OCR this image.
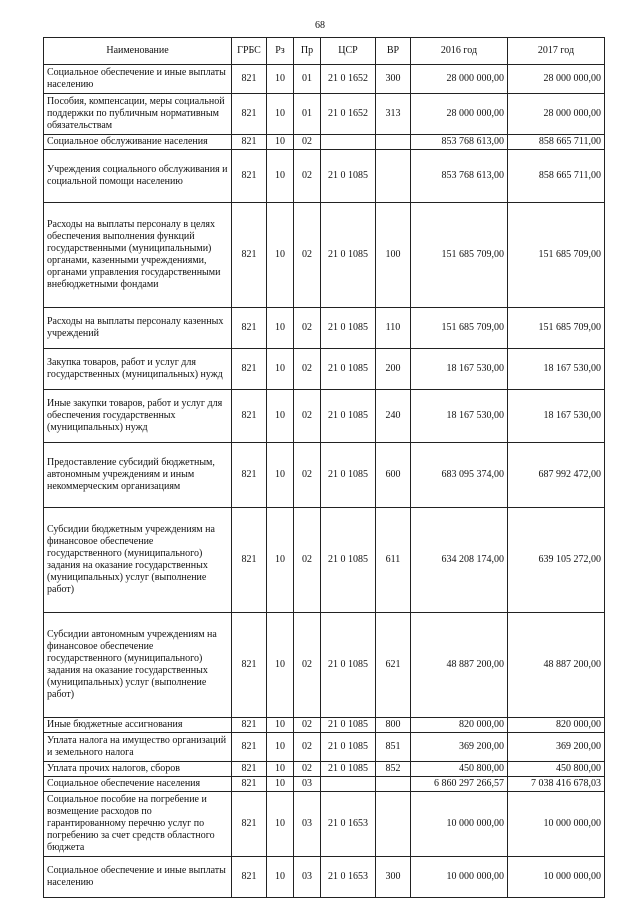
68
Наименование	ГРБС	Рз	Пр	ЦСР	ВР	2016 год	2017 год
Социальное обеспечение и иные выплаты населению	821	10	01	21 0 1652	300	28 000 000,00	28 000 000,00
Пособия, компенсации, меры социальной поддержки по публичным нормативным обязательствам	821	10	01	21 0 1652	313	28 000 000,00	28 000 000,00
Социальное обслуживание населения	821	10	02			853 768 613,00	858 665 711,00
Учреждения социального обслуживания и социальной помощи населению	821	10	02	21 0 1085		853 768 613,00	858 665 711,00
Расходы на выплаты персоналу в целях обеспечения выполнения функций государственными (муниципальными) органами, казенными учреждениями, органами управления государственными внебюджетными фондами	821	10	02	21 0 1085	100	151 685 709,00	151 685 709,00
Расходы на выплаты персоналу казенных учреждений	821	10	02	21 0 1085	110	151 685 709,00	151 685 709,00
Закупка товаров, работ и услуг для государственных (муниципальных) нужд	821	10	02	21 0 1085	200	18 167 530,00	18 167 530,00
Иные закупки товаров, работ и услуг для обеспечения государственных (муниципальных) нужд	821	10	02	21 0 1085	240	18 167 530,00	18 167 530,00
Предоставление субсидий бюджетным, автономным учреждениям и иным некоммерческим организациям	821	10	02	21 0 1085	600	683 095 374,00	687 992 472,00
Субсидии бюджетным учреждениям на финансовое обеспечение государственного (муниципального) задания на оказание государственных (муниципальных) услуг (выполнение работ)	821	10	02	21 0 1085	611	634 208 174,00	639 105 272,00
Субсидии автономным учреждениям на финансовое обеспечение государственного (муниципального) задания на оказание государственных (муниципальных) услуг (выполнение работ)	821	10	02	21 0 1085	621	48 887 200,00	48 887 200,00
Иные бюджетные ассигнования	821	10	02	21 0 1085	800	820 000,00	820 000,00
Уплата налога на имущество организаций и земельного налога	821	10	02	21 0 1085	851	369 200,00	369 200,00
Уплата прочих налогов, сборов	821	10	02	21 0 1085	852	450 800,00	450 800,00
Социальное обеспечение населения	821	10	03			6 860 297 266,57	7 038 416 678,03
Социальное пособие на погребение и возмещение расходов по гарантированному перечню услуг по погребению за счет средств областного бюджета	821	10	03	21 0 1653		10 000 000,00	10 000 000,00
Социальное обеспечение и иные выплаты населению	821	10	03	21 0 1653	300	10 000 000,00	10 000 000,00
